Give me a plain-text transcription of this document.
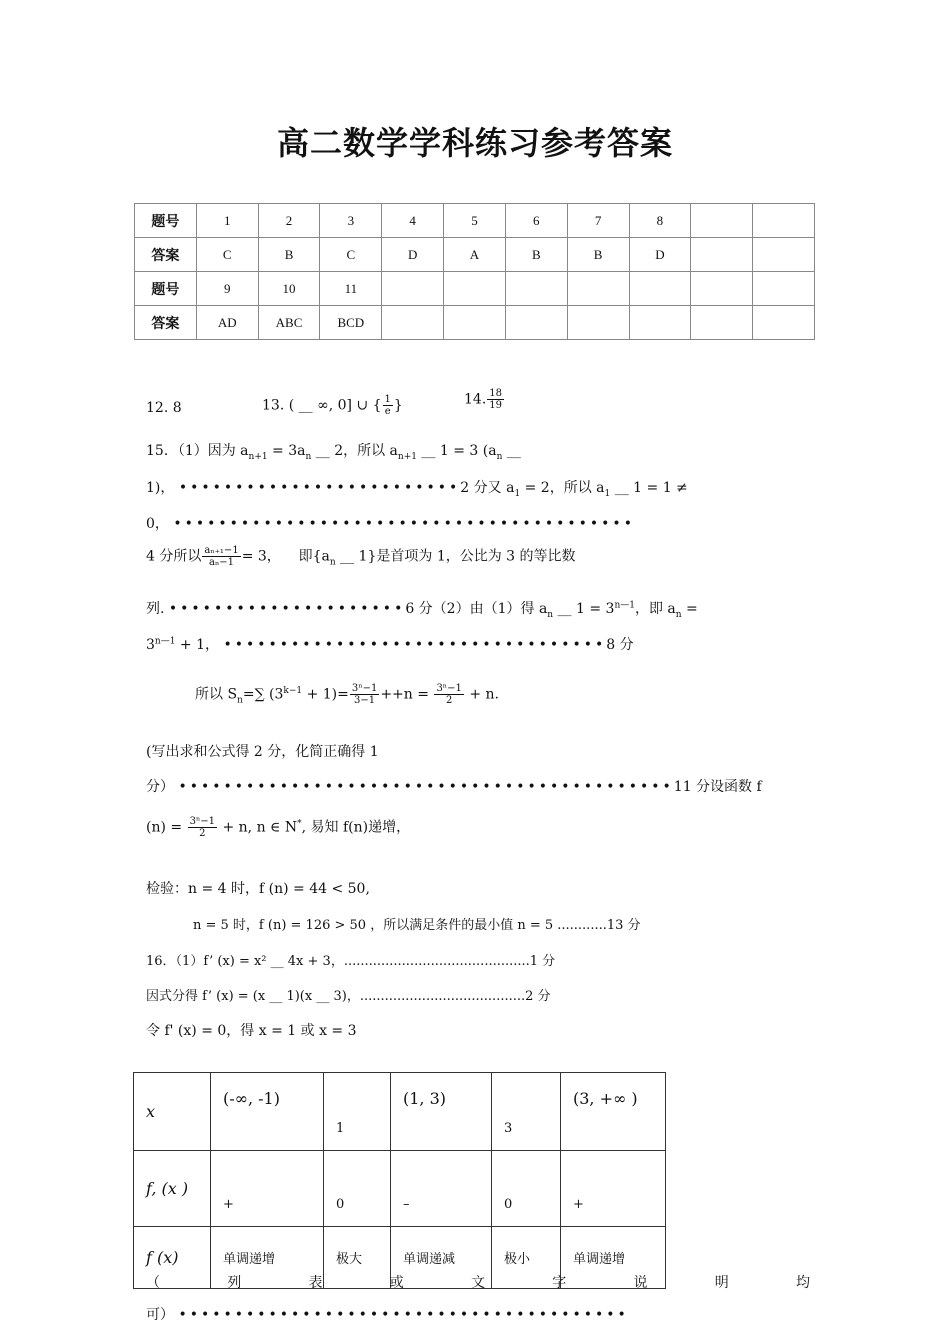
高二数学学科练习参考答案
题号	1	2	3	4	5	6	7	8		
答案	C	B	C	D	A	B	B	D		
题号	9	10	11							
答案	AD	ABC	BCD							
12. 8	13. ( __ ∞, 0] ∪ { $\frac{1}{e}$ }	14. $\frac{18}{19}$
15．（1）因为 $a_{n+1} = 3a_n$ __ 2，所以 $a_{n+1}$ __ 1 = 3 ($a_n$ __
1)， •••••••••••••••••••••••••2 分又 $a_1 = 2$，所以 $a_1$ __ 1 = 1 ≠
0， •••••••••••••••••••••••••••••••••••••••••
4 分所以 $\frac{\text{aₙ₊₁−1}}{\text{aₙ−1}} = 3$， 即{$a_n$ __ 1}是首项为 1，公比为 3 的等比数
列. •••••••••••••••••••••6 分（2）由（1）得 $a_n$ __ $1 = 3^{n—1}$，即 $a_n$ =
$3^{n—1} + 1$， ••••••••••••••••••••••••••••••••••8 分
所以 $S_n=\sum$ $(3^{k-1} + 1)= \frac{\text{3ⁿ−1}}{3-1} ++n = \frac{\text{3ⁿ−1}}{2} + n$.
(写出求和公式得 2 分，化简正确得 1
分） ••••••••••••••••••••••••••••••••••••••••••••11 分设函数 f
$(n) = \frac{\text{3ⁿ−1}}{2} + n$, n ∈ N*, 易知 f(n)递增，
检验：n = 4 时，f (n) = 44 < 50,
n = 5 时，f (n) = 126 > 50 ，所以满足条件的最小值 n = 5 ............13 分
16．（1）f’ (x) = x² __ 4x + 3，.............................................1 分
因式分得 f’ (x) = (x __ 1)(x __ 3)，........................................2 分
令 f' (x) = 0，得 x = 1 或 x = 3
x	(-∞, -1)	1	(1, 3)	3	(3, +∞ )
f, (x )	+	0	–	0	+
f (x)	单调递增	极大	单调递减	极小	单调递增
（	列	表	或	文	字	说	明	均
可） ••••••••••••••••••••••••••••••••••••••••
